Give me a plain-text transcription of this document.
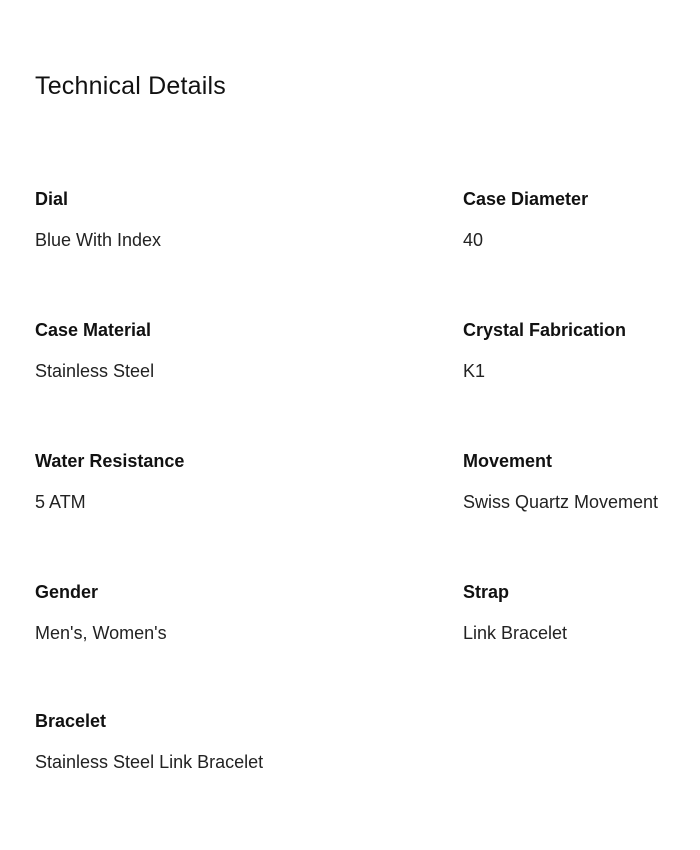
Technical Details
Dial
Blue With Index
Case Diameter
40
Case Material
Stainless Steel
Crystal Fabrication
K1
Water Resistance
5 ATM
Movement
Swiss Quartz Movement
Gender
Men's, Women's
Strap
Link Bracelet
Bracelet
Stainless Steel Link Bracelet
